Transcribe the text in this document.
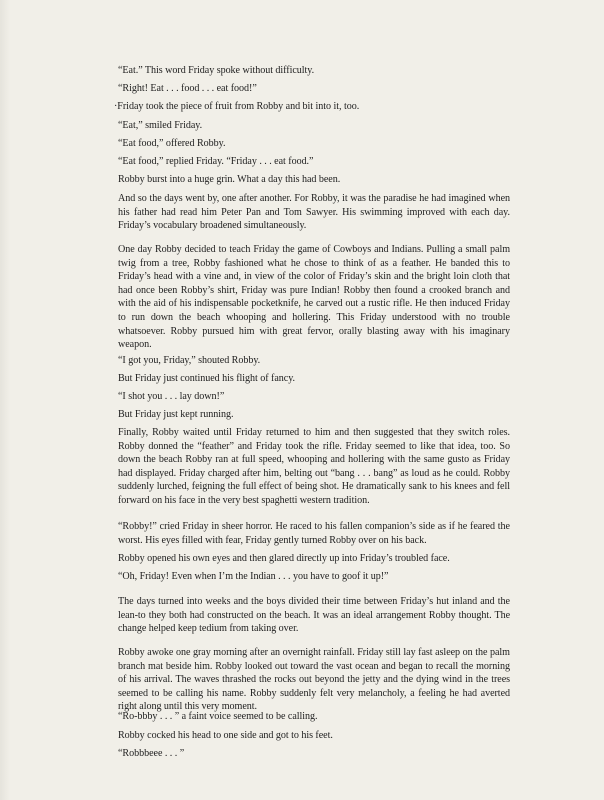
“Eat.” This word Friday spoke without difficulty.

“Right! Eat . . . food . . . eat food!”

·Friday took the piece of fruit from Robby and bit into it, too.

“Eat,” smiled Friday.

“Eat food,” offered Robby.

“Eat food,” replied Friday. “Friday . . . eat food.”

Robby burst into a huge grin. What a day this had been.

And so the days went by, one after another. For Robby, it was the paradise he had imagined when his father had read him Peter Pan and Tom Sawyer. His swimming improved with each day. Friday’s vocabulary broadened simultaneously.

One day Robby decided to teach Friday the game of Cowboys and Indians. Pulling a small palm twig from a tree, Robby fashioned what he chose to think of as a feather. He banded this to Friday’s head with a vine and, in view of the color of Friday’s skin and the bright loin cloth that had once been Robby’s shirt, Friday was pure Indian! Robby then found a crooked branch and with the aid of his indispensable pocketknife, he carved out a rustic rifle. He then induced Friday to run down the beach whooping and hollering. This Friday understood with no trouble whatsoever. Robby pursued him with great fervor, orally blasting away with his imaginary weapon.

“I got you, Friday,” shouted Robby.

But Friday just continued his flight of fancy.

“I shot you . . . lay down!”

But Friday just kept running.

Finally, Robby waited until Friday returned to him and then suggested that they switch roles. Robby donned the “feather” and Friday took the rifle. Friday seemed to like that idea, too. So down the beach Robby ran at full speed, whooping and hollering with the same gusto as Friday had displayed. Friday charged after him, belting out “bang . . . bang” as loud as he could. Robby suddenly lurched, feigning the full effect of being shot. He dramatically sank to his knees and fell forward on his face in the very best spaghetti western tradition.

“Robby!” cried Friday in sheer horror. He raced to his fallen companion’s side as if he feared the worst. His eyes filled with fear, Friday gently turned Robby over on his back.

Robby opened his own eyes and then glared directly up into Friday’s troubled face.

“Oh, Friday! Even when I’m the Indian . . . you have to goof it up!”

The days turned into weeks and the boys divided their time between Friday’s hut inland and the lean-to they both had constructed on the beach. It was an ideal arrangement Robby thought. The change helped keep tedium from taking over.

Robby awoke one gray morning after an overnight rainfall. Friday still lay fast asleep on the palm branch mat beside him. Robby looked out toward the vast ocean and began to recall the morning of his arrival. The waves thrashed the rocks out beyond the jetty and the dying wind in the trees seemed to be calling his name. Robby suddenly felt very melancholy, a feeling he had averted right along until this very moment.

“Ro-bbby . . . ” a faint voice seemed to be calling.

Robby cocked his head to one side and got to his feet.

“Robbbeee . . . ”
